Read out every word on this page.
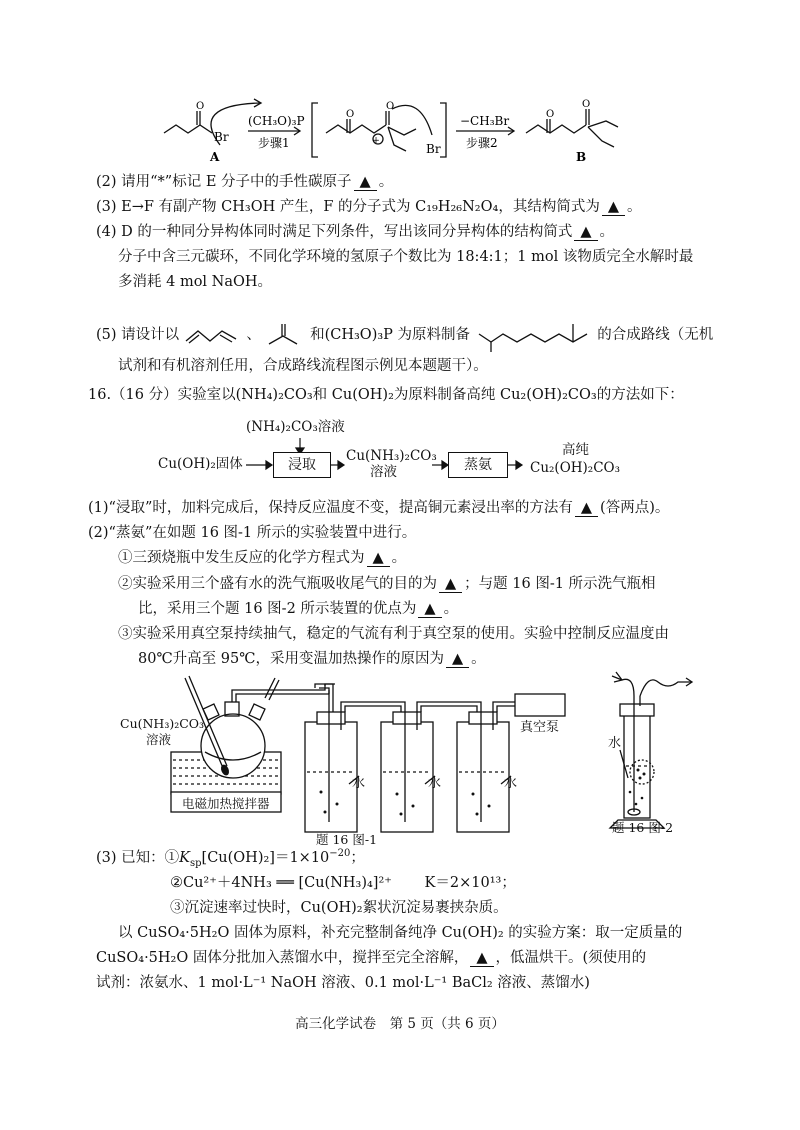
+
O
O
O	O
O
Br
Br
(CH₃O)₃P
步骤1
−CH₃Br
步骤2
A	B
(2) 请用“*”标记 E 分子中的手性碳原子 ▲ 。
(3) E→F 有副产物 CH₃OH 产生，F 的分子式为 C₁₉H₂₆N₂O₄，其结构简式为 ▲ 。
(4) D 的一种同分异构体同时满足下列条件，写出该同分异构体的结构简式 ▲ 。
分子中含三元碳环，不同化学环境的氢原子个数比为 18:4:1；1 mol 该物质完全水解时最
多消耗 4 mol NaOH。
(5) 请设计以	、	和(CH₃O)₃P 为原料制备	的合成路线（无机
试剂和有机溶剂任用，合成路线流程图示例见本题题干）。
16.（16 分）实验室以(NH₄)₂CO₃和 Cu(OH)₂为原料制备高纯 Cu₂(OH)₂CO₃的方法如下：
(NH₄)₂CO₃溶液
Cu(OH)₂固体	浸取
Cu(NH₃)₂CO₃
溶液	蒸氨
高纯
Cu₂(OH)₂CO₃
(1)“浸取”时，加料完成后，保持反应温度不变，提高铜元素浸出率的方法有 ▲ (答两点)。
(2)“蒸氨”在如题 16 图-1 所示的实验装置中进行。
①三颈烧瓶中发生反应的化学方程式为 ▲ 。
②实验采用三个盛有水的洗气瓶吸收尾气的目的为 ▲ ；与题 16 图-1 所示洗气瓶相
比，采用三个题 16 图-2 所示装置的优点为 ▲ 。
③实验采用真空泵持续抽气，稳定的气流有利于真空泵的使用。实验中控制反应温度由
80℃升高至 95℃，采用变温加热操作的原因为 ▲ 。
Cu(NH₃)₂CO₃
溶液
电磁加热搅拌器
水	水	水
真空泵
题 16 图-1
水
题 16 图-2
(3) 已知：$①K_{sp}[Cu(OH)_2]=1\times 10^{-20}$；
②Cu²⁺＋4NH₃ ══ [Cu(NH₃)₄]²⁺ K＝2×10¹³；
③沉淀速率过快时，Cu(OH)₂絮状沉淀易裹挟杂质。
以 CuSO₄·5H₂O 固体为原料，补充完整制备纯净 Cu(OH)₂ 的实验方案：取一定质量的
CuSO₄·5H₂O 固体分批加入蒸馏水中，搅拌至完全溶解， ▲ ，低温烘干。(须使用的
试剂：浓氨水、1 mol·L⁻¹ NaOH 溶液、0.1 mol·L⁻¹ BaCl₂ 溶液、蒸馏水)
高三化学试卷　第 5 页（共 6 页）
